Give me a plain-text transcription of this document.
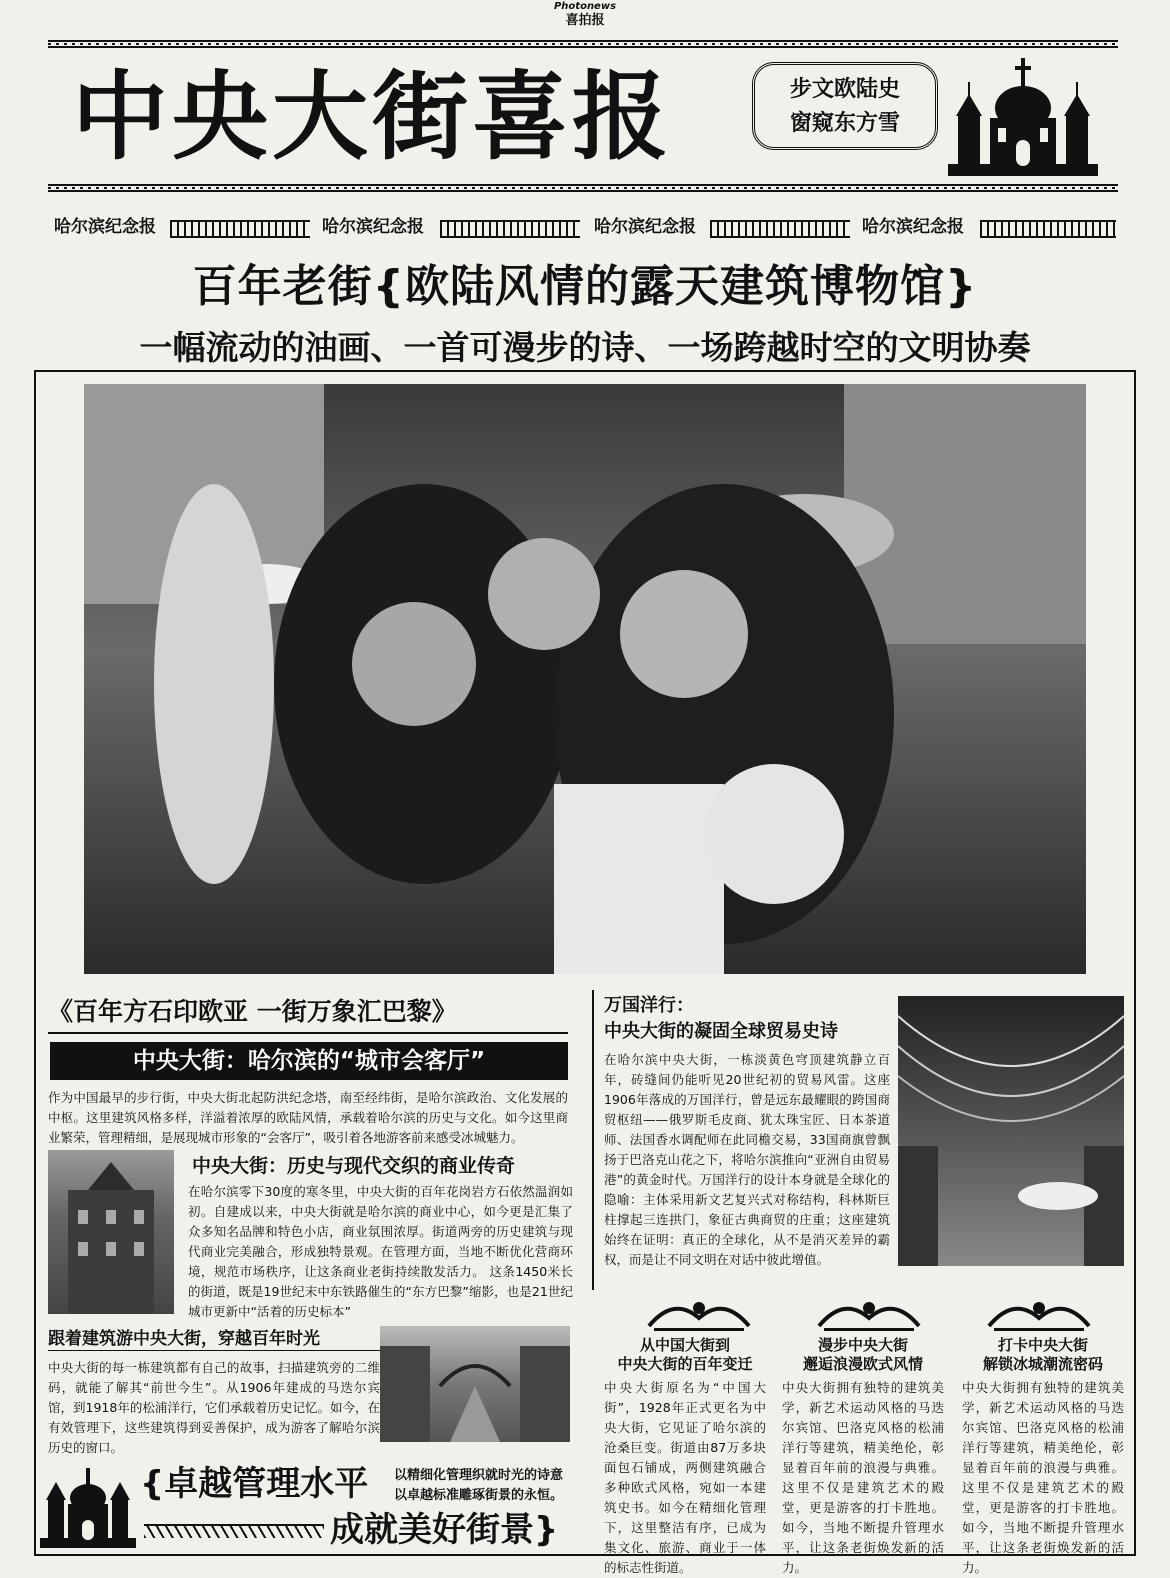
Photonews
喜拍报
中央大街喜报	步文欧陆史
窗窥东方雪
哈尔滨纪念报	哈尔滨纪念报	哈尔滨纪念报	哈尔滨纪念报
百年老街{欧陆风情的露天建筑博物馆}
一幅流动的油画、一首可漫步的诗、一场跨越时空的文明协奏
《百年方石印欧亚 一街万象汇巴黎》
中央大街：哈尔滨的“城市会客厅”
作为中国最早的步行街，中央大街北起防洪纪念塔，南至经纬街，是哈尔滨政治、文化发展的中枢。这里建筑风格多样，洋溢着浓厚的欧陆风情，承载着哈尔滨的历史与文化。如今这里商业繁荣，管理精细，是展现城市形象的“会客厅”，吸引着各地游客前来感受冰城魅力。
中央大街：历史与现代交织的商业传奇
在哈尔滨零下30度的寒冬里，中央大街的百年花岗岩方石依然温润如初。自建成以来，中央大街就是哈尔滨的商业中心，如今更是汇集了众多知名品牌和特色小店，商业氛围浓厚。街道两旁的历史建筑与现代商业完美融合，形成独特景观。在管理方面，当地不断优化营商环境，规范市场秩序，让这条商业老街持续散发活力。 这条1450米长的街道，既是19世纪末中东铁路催生的“东方巴黎”缩影，也是21世纪城市更新中“活着的历史标本”
跟着建筑游中央大街，穿越百年时光
中央大街的每一栋建筑都有自己的故事，扫描建筑旁的二维码，就能了解其“前世今生”。从1906年建成的马迭尔宾馆，到1918年的松浦洋行，它们承载着历史记忆。如今，在有效管理下，这些建筑得到妥善保护，成为游客了解哈尔滨历史的窗口。
{卓越管理水平	以精细化管理织就时光的诗意
以卓越标准雕琢街景的永恒。
成就美好街景}
万国洋行：
中央大街的凝固全球贸易史诗
在哈尔滨中央大街，一栋淡黄色穹顶建筑静立百年，砖缝间仍能听见20世纪初的贸易风雷。这座1906年落成的万国洋行，曾是远东最耀眼的跨国商贸枢纽——俄罗斯毛皮商、犹太珠宝匠、日本茶道师、法国香水调配师在此同檐交易，33国商旗曾飘扬于巴洛克山花之下，将哈尔滨推向“亚洲自由贸易港”的黄金时代。万国洋行的设计本身就是全球化的隐喻：主体采用新文艺复兴式对称结构，科林斯巨柱撑起三连拱门，象征古典商贸的庄重；这座建筑始终在证明：真正的全球化，从不是消灭差异的霸权，而是让不同文明在对话中彼此增值。
从中国大街到
中央大街的百年变迁
中央大街原名为“中国大街”，1928年正式更名为中央大街，它见证了哈尔滨的沧桑巨变。街道由87万多块面包石铺成，两侧建筑融合多种欧式风格，宛如一本建筑史书。如今在精细化管理下，这里整洁有序，已成为集文化、旅游、商业于一体的标志性街道。
漫步中央大街
邂逅浪漫欧式风情
中央大街拥有独特的建筑美学，新艺术运动风格的马迭尔宾馆、巴洛克风格的松浦洋行等建筑，精美绝伦，彰显着百年前的浪漫与典雅。这里不仅是建筑艺术的殿堂，更是游客的打卡胜地。如今，当地不断提升管理水平，让这条老街焕发新的活力。
打卡中央大街
解锁冰城潮流密码
中央大街拥有独特的建筑美学，新艺术运动风格的马迭尔宾馆、巴洛克风格的松浦洋行等建筑，精美绝伦，彰显着百年前的浪漫与典雅。这里不仅是建筑艺术的殿堂，更是游客的打卡胜地。如今，当地不断提升管理水平，让这条老街焕发新的活力。
